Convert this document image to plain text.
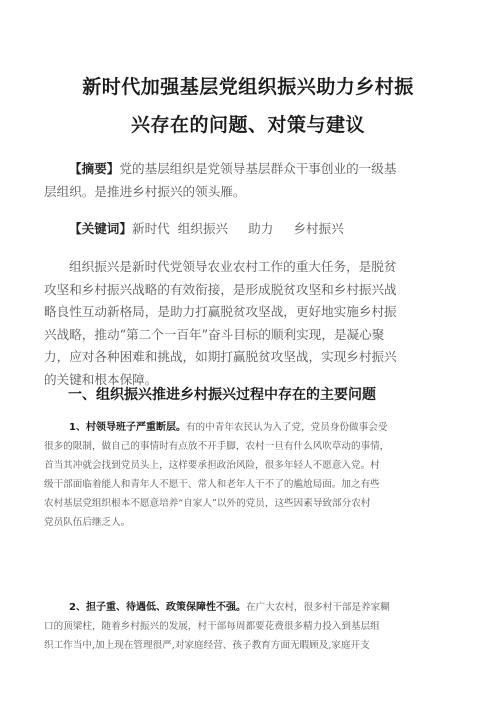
新时代加强基层党组织振兴助力乡村振
兴存在的问题、对策与建议
【摘要】党的基层组织是党领导基层群众干事创业的一级基
层组织。是推进乡村振兴的领头雁。
【关键词】新时代 组织振兴 助力 乡村振兴
组织振兴是新时代党领导农业农村工作的重大任务，是脱贫
攻坚和乡村振兴战略的有效衔接，是形成脱贫攻坚和乡村振兴战
略良性互动新格局，是助力打赢脱贫攻坚战，更好地实施乡村振
兴战略，推动“第二个一百年”奋斗目标的顺利实现，是凝心聚
力，应对各种困难和挑战，如期打赢脱贫攻坚战，实现乡村振兴
的关键和根本保障。
一、组织振兴推进乡村振兴过程中存在的主要问题
1、村领导班子严重断层。有的中青年农民认为入了党，党员身份做事会受
很多的限制，做自己的事情时有点放不开手脚，农村一旦有什么风吹草动的事情，
首当其冲就会找到党员头上，这样要承担政治风险，很多年轻人不愿意入党。村
级干部面临着能人和青年人不愿干、常人和老年人干不了的尴尬局面。加之有些
农村基层党组织根本不愿意培养“自家人”以外的党员，这些因素导致部分农村
党员队伍后继乏人。
2、担子重、待遇低、政策保障性不强。在广大农村，很多村干部是养家糊
口的顶梁柱，随着乡村振兴的发展，村干部每周都要花费很多精力投入到基层组
织工作当中,加上现在管理很严,对家庭经营、孩子教育方面无暇顾及,家庭开支
